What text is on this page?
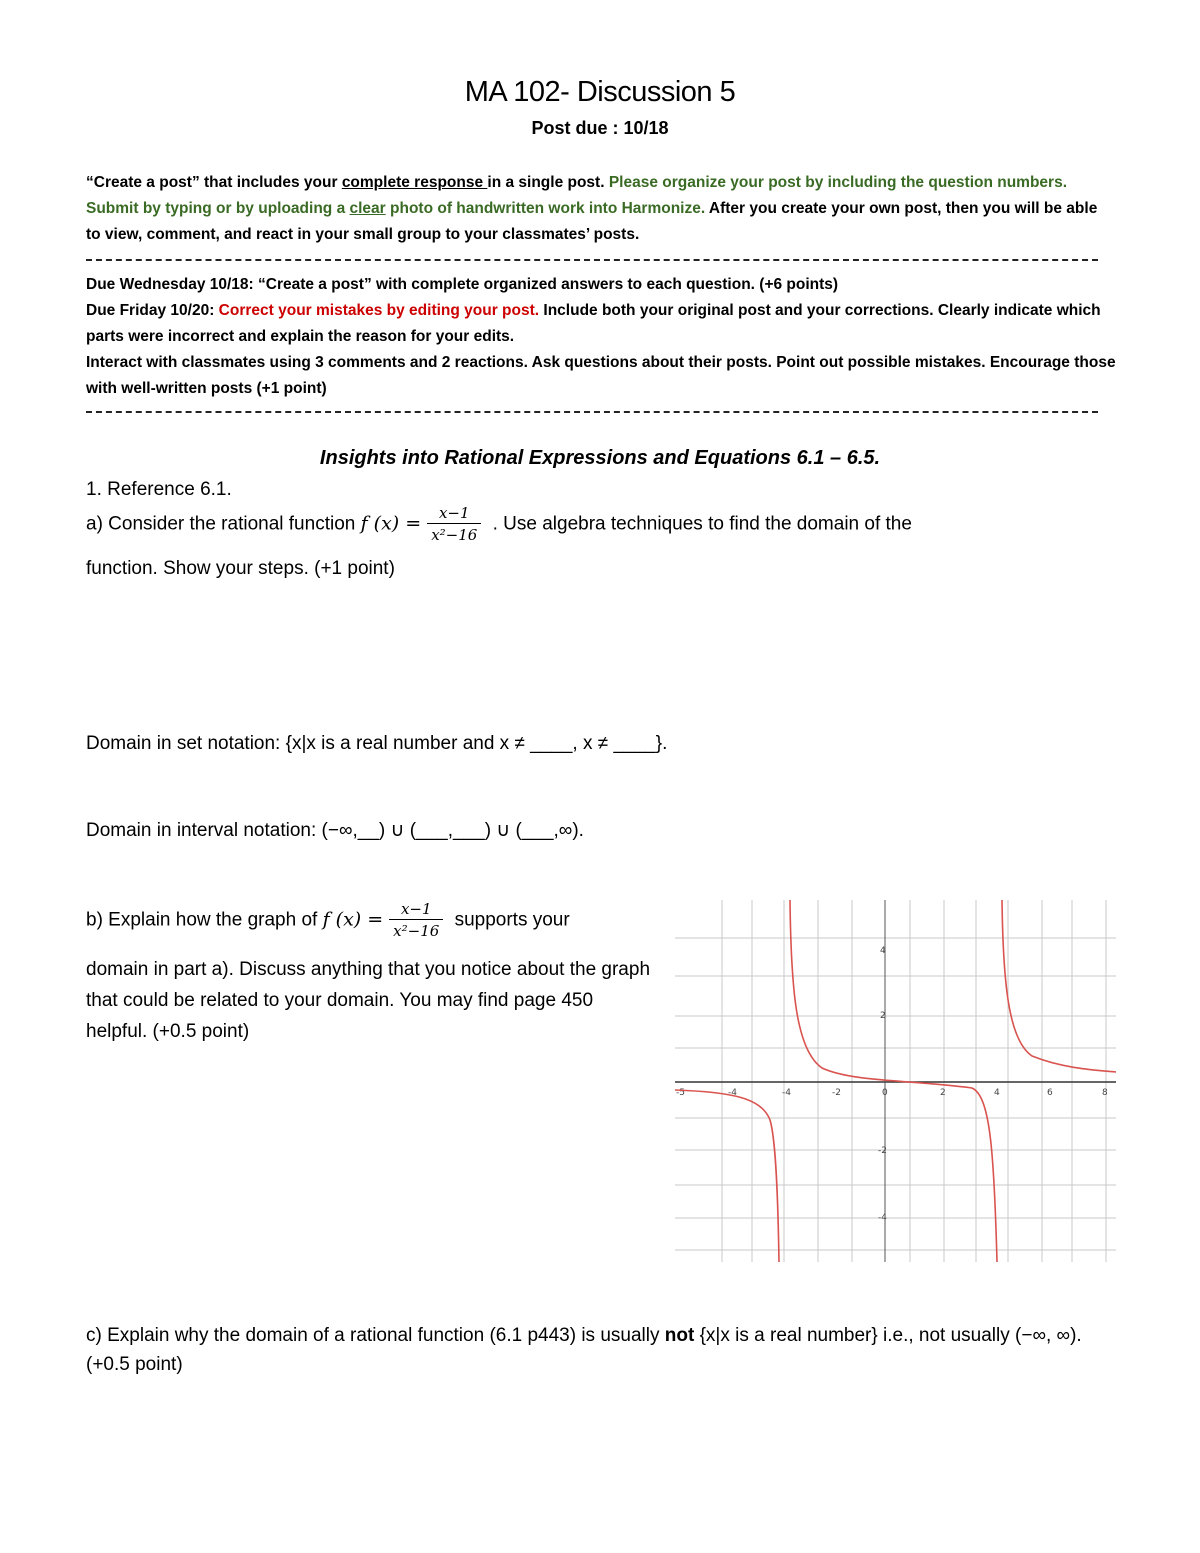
MA 102- Discussion 5
Post due : 10/18
“Create a post” that includes your complete response in a single post. Please organize your post by including the question numbers. Submit by typing or by uploading a clear photo of handwritten work into Harmonize. After you create your own post, then you will be able to view, comment, and react in your small group to your classmates’ posts.
Due Wednesday 10/18: “Create a post” with complete organized answers to each question. (+6 points)
Due Friday 10/20: Correct your mistakes by editing your post. Include both your original post and your corrections. Clearly indicate which parts were incorrect and explain the reason for your edits.
Interact with classmates using 3 comments and 2 reactions. Ask questions about their posts. Point out possible mistakes. Encourage those with well-written posts (+1 point)
Insights into Rational Expressions and Equations 6.1 – 6.5.
1. Reference 6.1.
a) Consider the rational function f $(x) = \frac{x-1}{\text{x²−16}}$ . Use algebra techniques to find the domain of the
function. Show your steps. (+1 point)
Domain in set notation: {x|x is a real number and x ≠ ____, x ≠ ____}.
Domain in interval notation: (−∞,__) ∪ (___,___) ∪ (___,∞).
b) Explain how the graph of f $(x) = \frac{x-1}{\text{x²−16}}$ supports your
domain in part a). Discuss anything that you notice about the graph that could be related to your domain. You may find page 450 helpful. (+0.5 point)
-5	-4	-4	-2	0	2	4	6	8
4
2
-2
-4
c) Explain why the domain of a rational function (6.1 p443) is usually not {x|x is a real number} i.e., not usually (−∞, ∞). (+0.5 point)
